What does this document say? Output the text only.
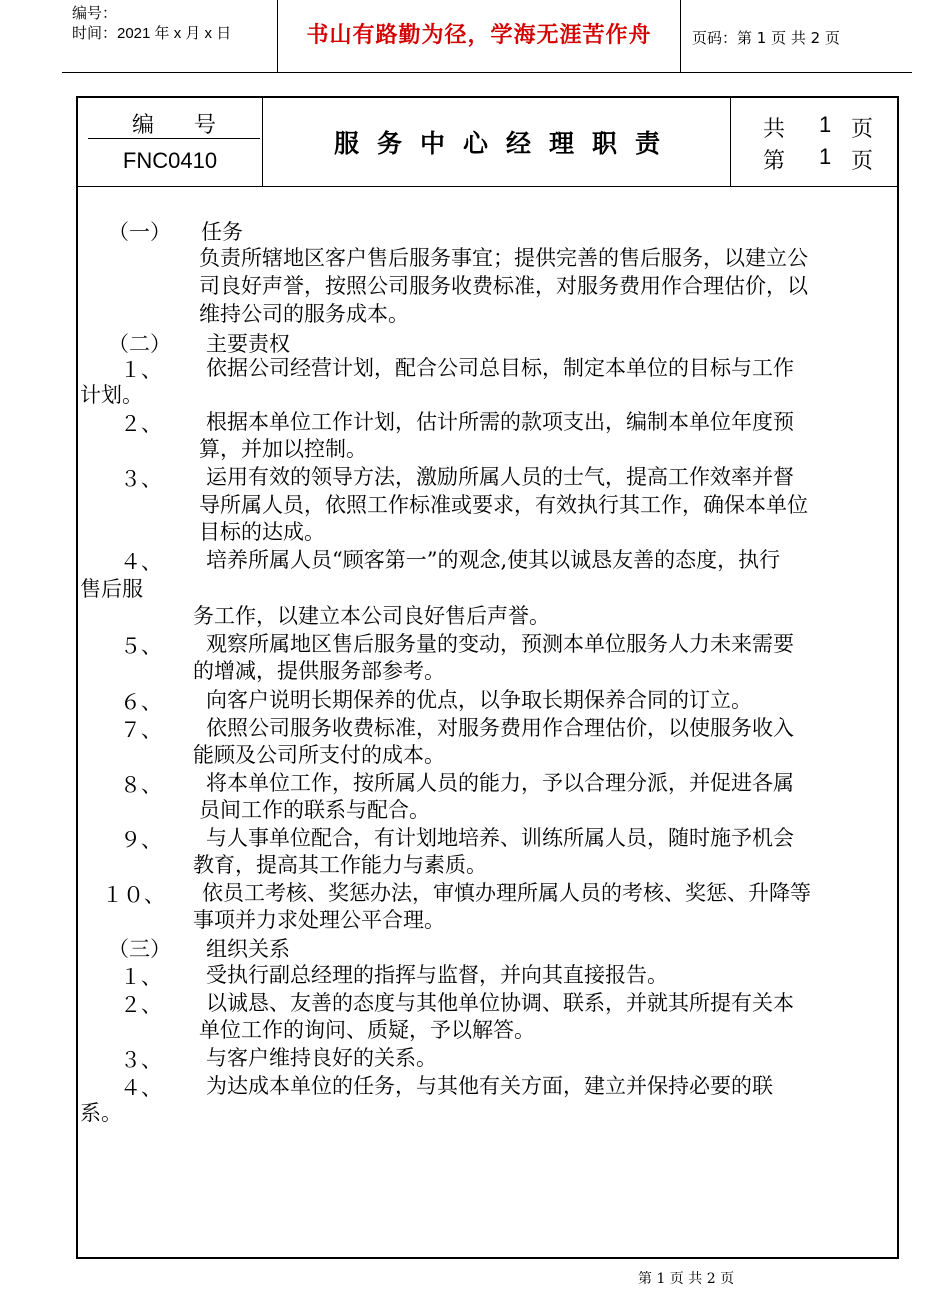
编号：
时间：2021 年 x 月 x 日	书山有路勤为径，学海无涯苦作舟	页码：第 1 页 共 2 页
编号
FNC0410
服务中心经理职责	共 1 页
第 1 页
（一） 任务
负责所辖地区客户售后服务事宜；提供完善的售后服务，以建立公
司良好声誉，按照公司服务收费标准，对服务费用作合理估价，以
维持公司的服务成本。
（二） 主要责权
１、 依据公司经营计划，配合公司总目标，制定本单位的目标与工作
计划。
２、 根据本单位工作计划，估计所需的款项支出，编制本单位年度预
算，并加以控制。
３、 运用有效的领导方法，激励所属人员的士气，提高工作效率并督
导所属人员，依照工作标准或要求，有效执行其工作，确保本单位
目标的达成。
４、 培养所属人员“顾客第一”的观念,使其以诚恳友善的态度，执行
售后服
务工作，以建立本公司良好售后声誉。
５、 观察所属地区售后服务量的变动，预测本单位服务人力未来需要
的增减，提供服务部参考。
６、 向客户说明长期保养的优点，以争取长期保养合同的订立。
７、 依照公司服务收费标准，对服务费用作合理估价，以使服务收入
能顾及公司所支付的成本。
８、 将本单位工作，按所属人员的能力，予以合理分派，并促进各属
员间工作的联系与配合。
９、 与人事单位配合，有计划地培养、训练所属人员，随时施予机会
教育，提高其工作能力与素质。
１０、 依员工考核、奖惩办法，审慎办理所属人员的考核、奖惩、升降等
事项并力求处理公平合理。
（三） 组织关系
１、 受执行副总经理的指挥与监督，并向其直接报告。
２、 以诚恳、友善的态度与其他单位协调、联系，并就其所提有关本
单位工作的询问、质疑，予以解答。
３、 与客户维持良好的关系。
４、 为达成本单位的任务，与其他有关方面，建立并保持必要的联
系。
第 1 页 共 2 页
